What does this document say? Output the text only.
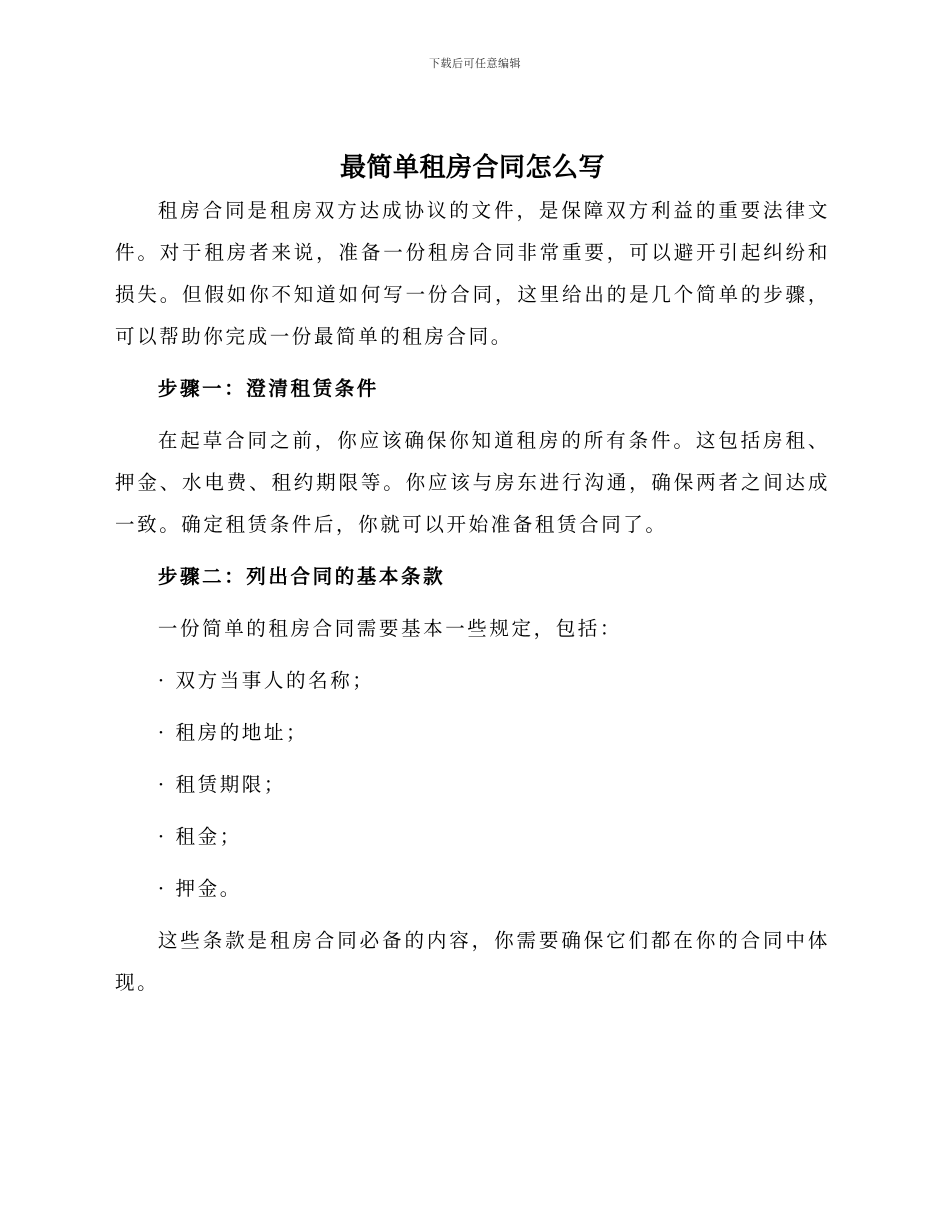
下载后可任意编辑
最简单租房合同怎么写

租房合同是租房双方达成协议的文件，是保障双方利益的重要法律文件。对于租房者来说，准备一份租房合同非常重要，可以避开引起纠纷和损失。但假如你不知道如何写一份合同，这里给出的是几个简单的步骤，可以帮助你完成一份最简单的租房合同。

步骤一：澄清租赁条件

在起草合同之前，你应该确保你知道租房的所有条件。这包括房租、押金、水电费、租约期限等。你应该与房东进行沟通，确保两者之间达成一致。确定租赁条件后，你就可以开始准备租赁合同了。

步骤二：列出合同的基本条款

一份简单的租房合同需要基本一些规定，包括：

· 双方当事人的名称；

· 租房的地址；

· 租赁期限；

· 租金；

· 押金。

这些条款是租房合同必备的内容，你需要确保它们都在你的合同中体现。
